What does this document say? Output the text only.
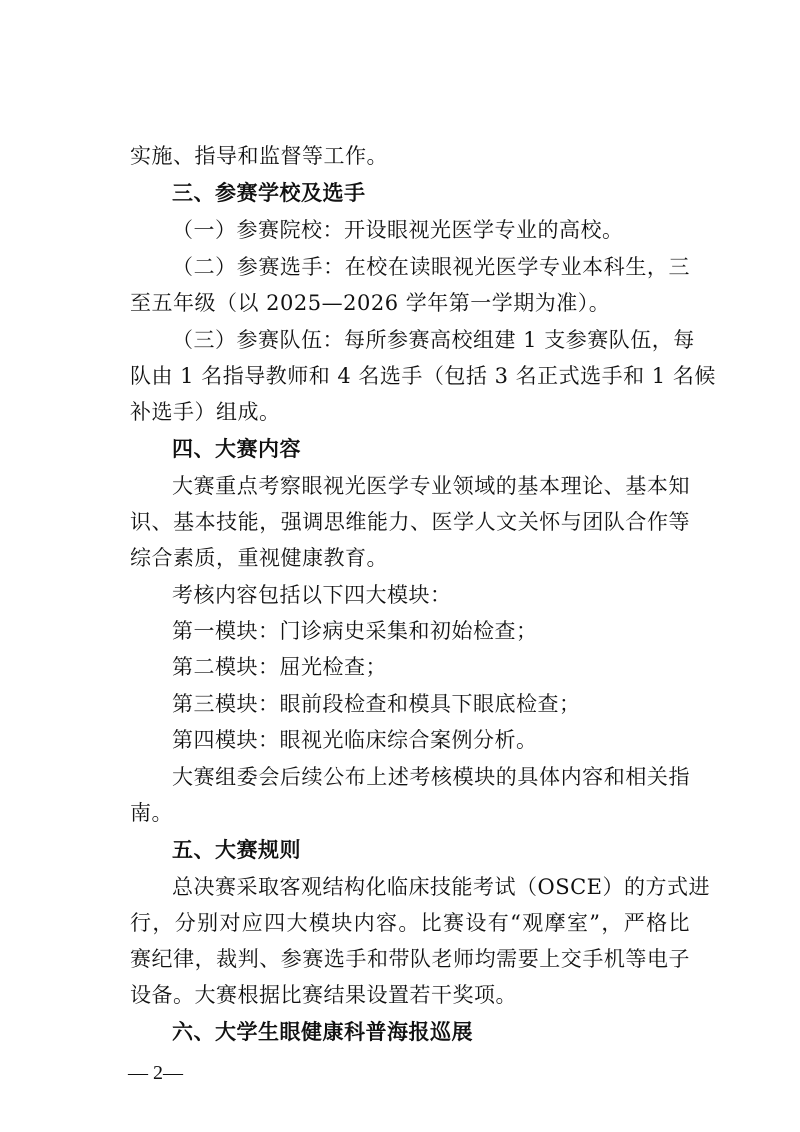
实施、指导和监督等工作。
三、参赛学校及选手
（一）参赛院校：开设眼视光医学专业的高校。
（二）参赛选手：在校在读眼视光医学专业本科生，三
至五年级（以 2025—2026 学年第一学期为准）。
（三）参赛队伍：每所参赛高校组建 1 支参赛队伍，每
队由 1 名指导教师和 4 名选手（包括 3 名正式选手和 1 名候
补选手）组成。
四、大赛内容
大赛重点考察眼视光医学专业领域的基本理论、基本知
识、基本技能，强调思维能力、医学人文关怀与团队合作等
综合素质，重视健康教育。
考核内容包括以下四大模块：
第一模块：门诊病史采集和初始检查；
第二模块：屈光检查；
第三模块：眼前段检查和模具下眼底检查；
第四模块：眼视光临床综合案例分析。
大赛组委会后续公布上述考核模块的具体内容和相关指
南。
五、大赛规则
总决赛采取客观结构化临床技能考试（OSCE）的方式进
行，分别对应四大模块内容。比赛设有“观摩室”，严格比
赛纪律，裁判、参赛选手和带队老师均需要上交手机等电子
设备。大赛根据比赛结果设置若干奖项。
六、大学生眼健康科普海报巡展
— 2—
